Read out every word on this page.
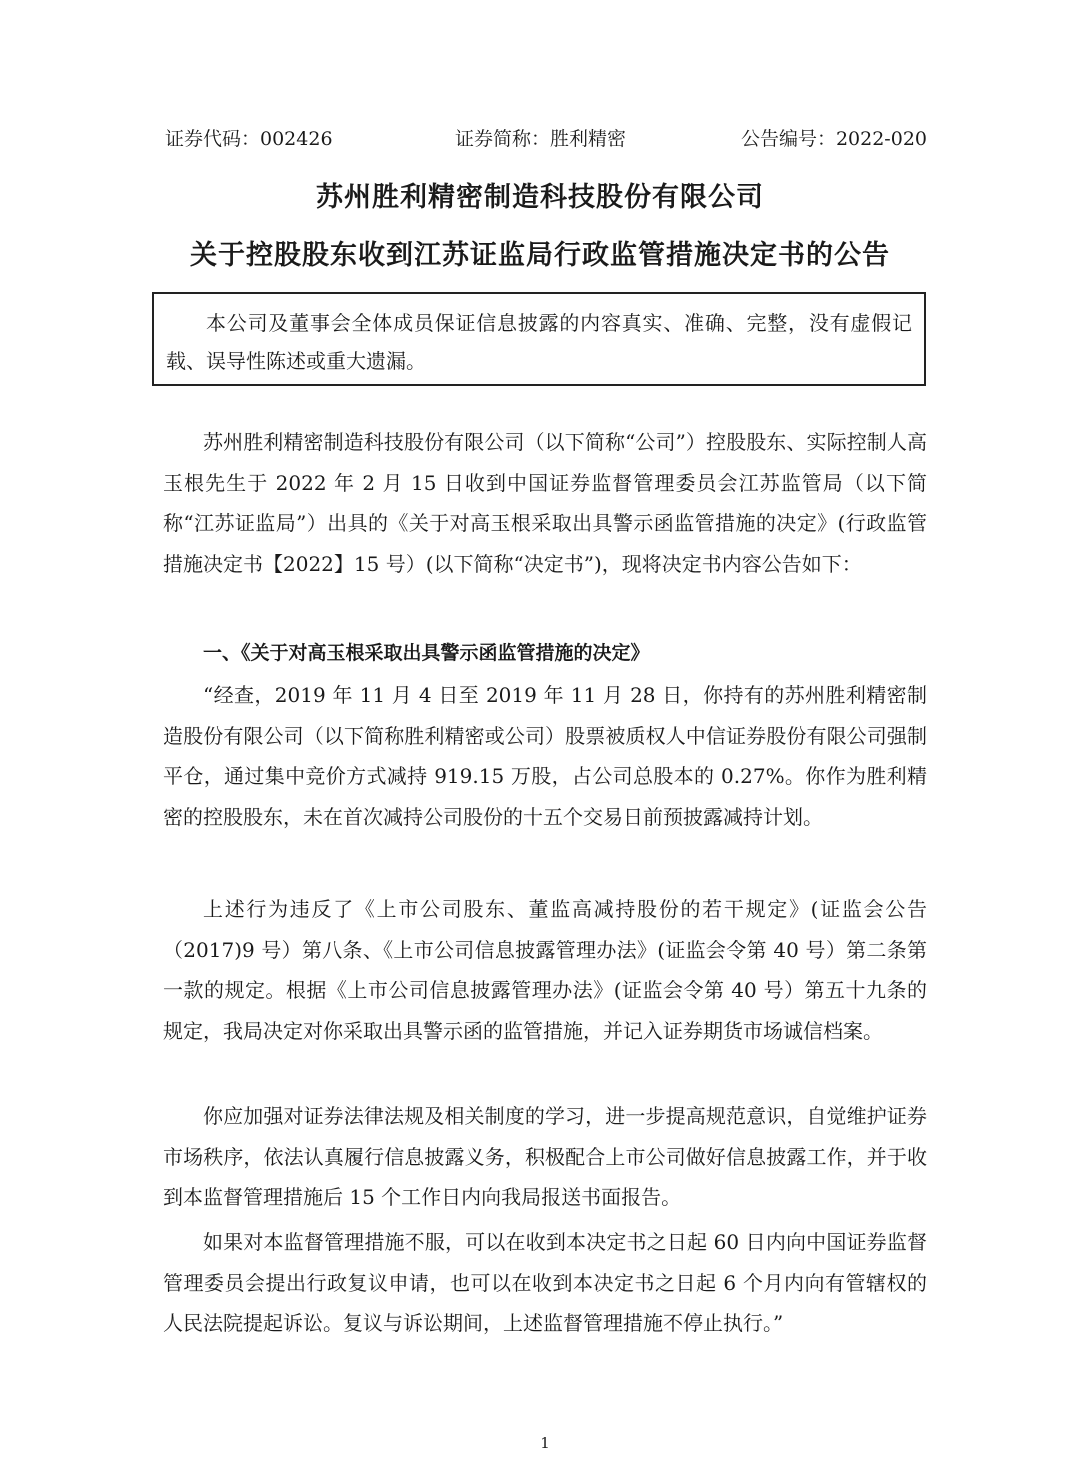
证券代码：002426	证券简称：胜利精密	公告编号：2022-020
苏州胜利精密制造科技股份有限公司
关于控股股东收到江苏证监局行政监管措施决定书的公告
本公司及董事会全体成员保证信息披露的内容真实、准确、完整，没有虚假记载、误导性陈述或重大遗漏。

苏州胜利精密制造科技股份有限公司（以下简称“公司”）控股股东、实际控制人高玉根先生于 2022 年 2 月 15 日收到中国证券监督管理委员会江苏监管局（以下简称“江苏证监局”）出具的《关于对高玉根采取出具警示函监管措施的决定》(行政监管措施决定书【2022】15 号）(以下简称“决定书”)，现将决定书内容公告如下：

一、《关于对高玉根采取出具警示函监管措施的决定》

“经查，2019 年 11 月 4 日至 2019 年 11 月 28 日，你持有的苏州胜利精密制造股份有限公司（以下简称胜利精密或公司）股票被质权人中信证券股份有限公司强制平仓，通过集中竞价方式减持 919.15 万股，占公司总股本的 0.27%。你作为胜利精密的控股股东，未在首次减持公司股份的十五个交易日前预披露减持计划。

上述行为违反了《上市公司股东、董监高减持股份的若干规定》(证监会公告（2017)9 号）第八条、《上市公司信息披露管理办法》(证监会令第 40 号）第二条第一款的规定。根据《上市公司信息披露管理办法》(证监会令第 40 号）第五十九条的规定，我局决定对你采取出具警示函的监管措施，并记入证券期货市场诚信档案。

你应加强对证券法律法规及相关制度的学习，进一步提高规范意识，自觉维护证券市场秩序，依法认真履行信息披露义务，积极配合上市公司做好信息披露工作，并于收到本监督管理措施后 15 个工作日内向我局报送书面报告。

如果对本监督管理措施不服，可以在收到本决定书之日起 60 日内向中国证券监督管理委员会提出行政复议申请，也可以在收到本决定书之日起 6 个月内向有管辖权的人民法院提起诉讼。复议与诉讼期间，上述监督管理措施不停止执行。”

1
